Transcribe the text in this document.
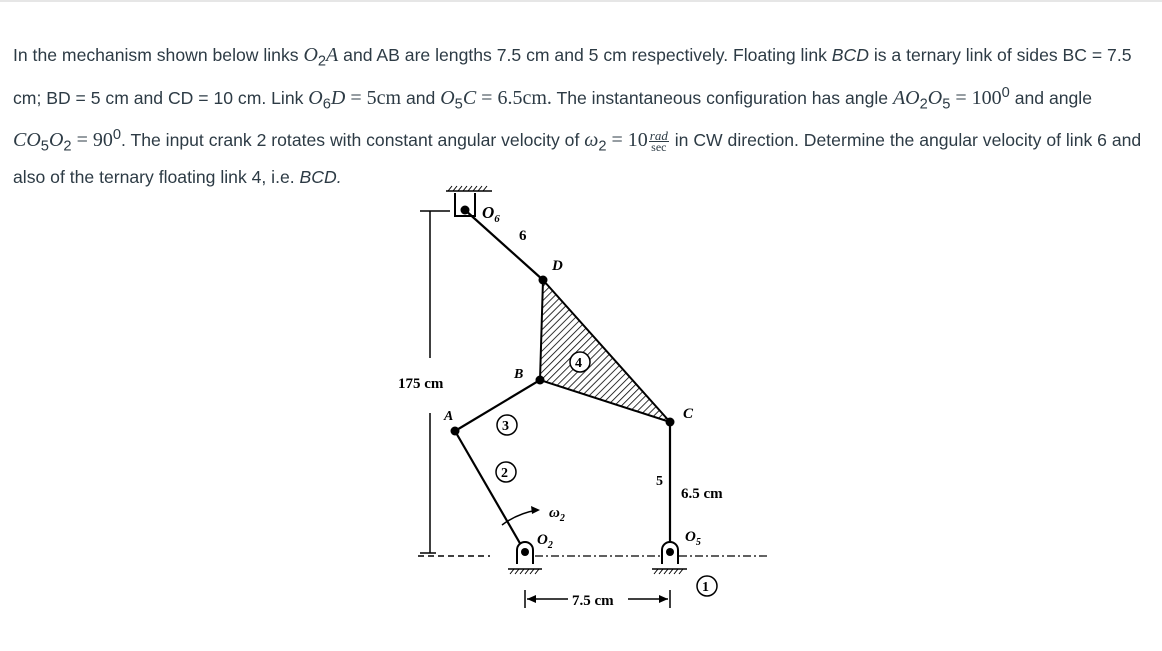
In the mechanism shown below links $O_2A$ and AB are lengths 7.5 cm and 5 cm respectively. Floating link BCD is a ternary link of sides BC = 7.5 cm; BD = 5 cm and CD = 10 cm. Link $O_6D = 5cm$ and $O_5C = 6.5cm$. The instantaneous configuration has angle $AO_2O_5 = 100^0$ and angle $CO_5O_2 = 90^0$. The input crank 2 rotates with constant angular velocity of $\omega_2 = 10 \frac{\text{rad}}{\sec}$ in CW direction. Determine the angular velocity of link 6 and also of the ternary floating link 4, i.e. BCD.
175 cm
7.5 cm
4
3
2
1
$O_6$
6
D
B
A	C
5
6.5 cm
$\omega_2$
$O_2$
$O_5$
